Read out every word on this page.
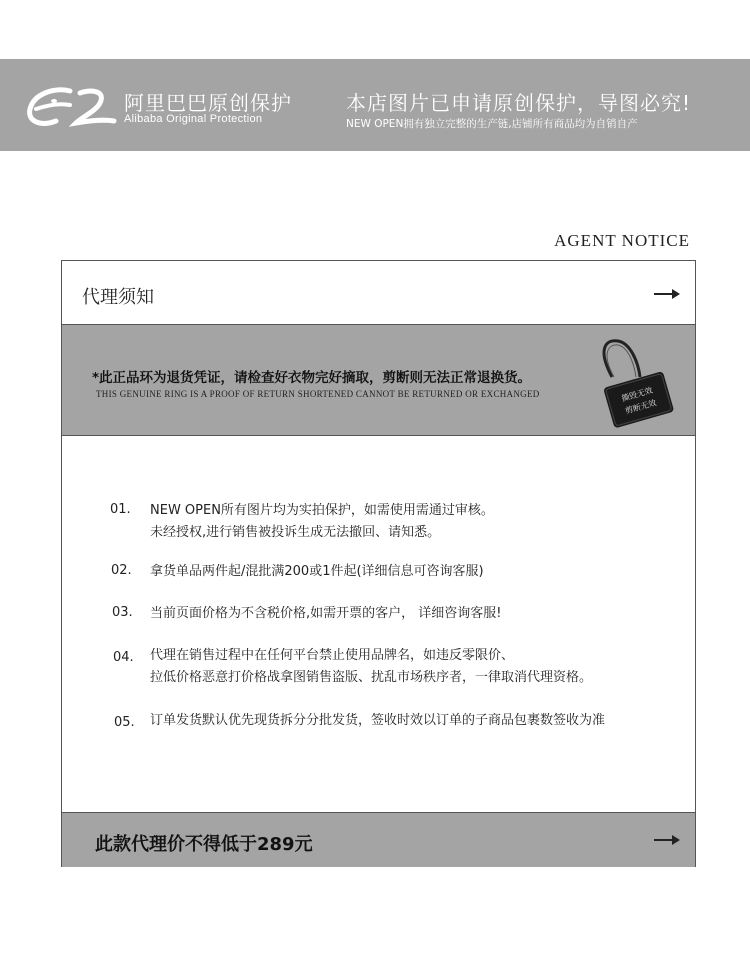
阿里巴巴原创保护
Alibaba Original Protection
本店图片已申请原创保护，导图必究!
NEW OPEN拥有独立完整的生产链,店铺所有商品均为自销自产
AGENT NOTICE
代理须知
*此正品环为退货凭证，请检查好衣物完好摘取，剪断则无法正常退换货。
THIS GENUINE RING IS A PROOF OF RETURN SHORTENED CANNOT BE RETURNED OR EXCHANGED	撕毁无效
剪断无效
01. NEW OPEN所有图片均为实拍保护，如需使用需通过审核。
未经授权,进行销售被投诉生成无法撤回、请知悉。
02. 拿货单品两件起/混批满200或1件起(详细信息可咨询客服)
03. 当前页面价格为不含税价格,如需开票的客户， 详细咨询客服!
04. 代理在销售过程中在任何平台禁止使用品牌名，如违反零限价、
拉低价格恶意打价格战拿图销售盗版、扰乱市场秩序者，一律取消代理资格。
05. 订单发货默认优先现货拆分分批发货，签收时效以订单的子商品包裹数签收为准
此款代理价不得低于289元
